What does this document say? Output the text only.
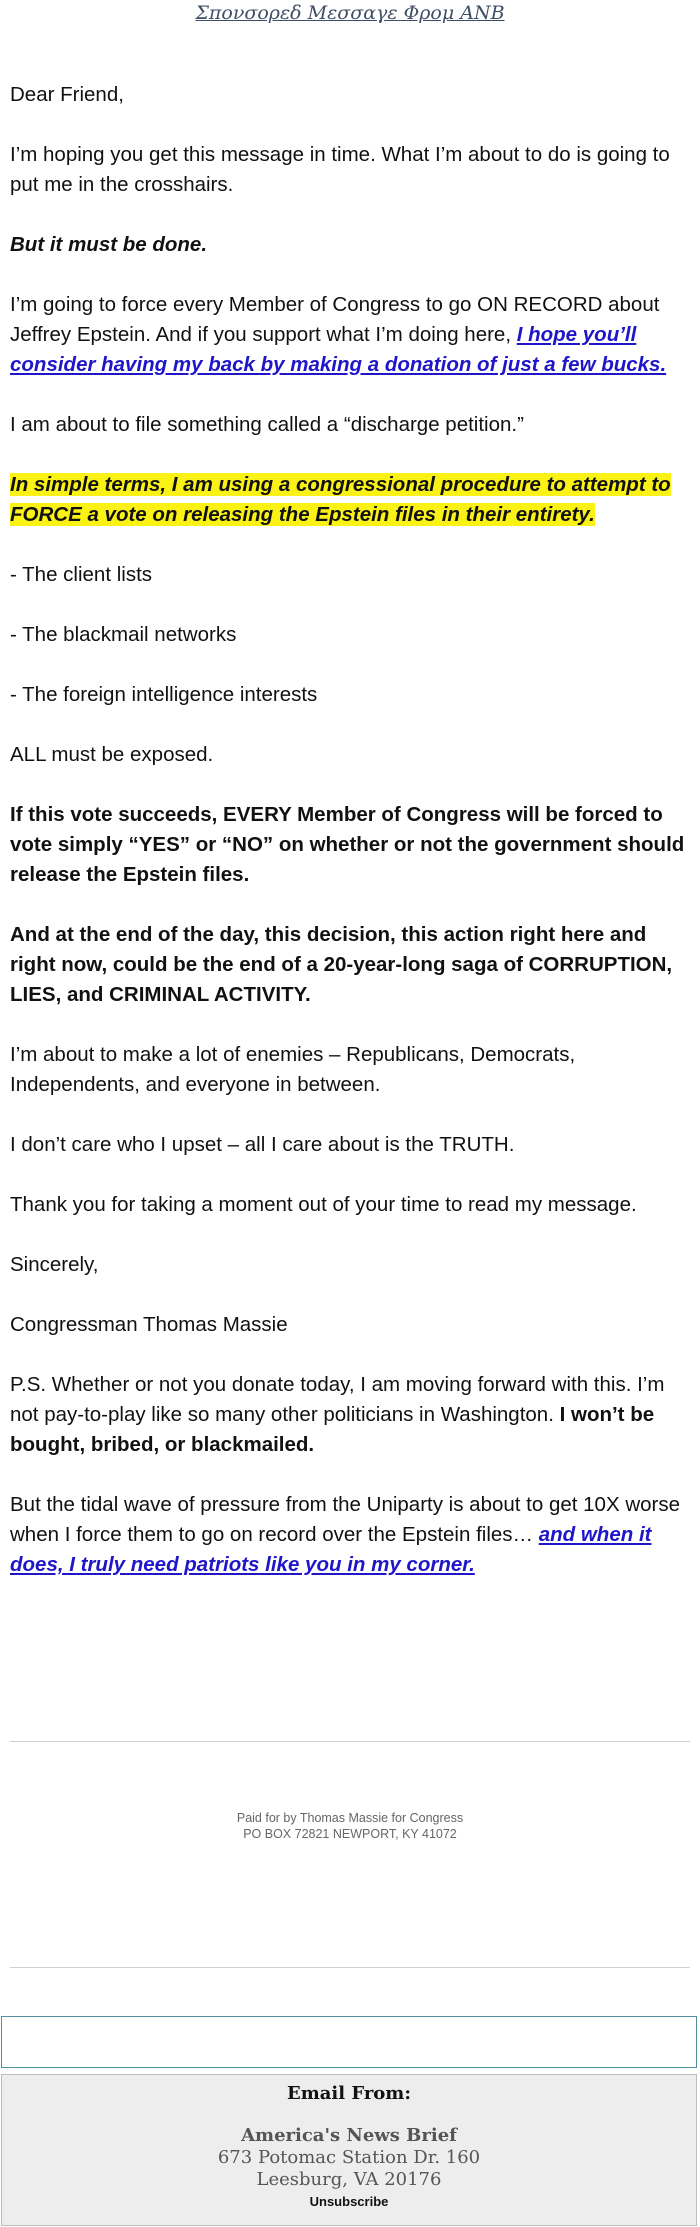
Σπονσορεδ Μεσσαγε Φρομ ΑΝΒ

Dear Friend,

I’m hoping you get this message in time. What I’m about to do is going to put me in the crosshairs.

But it must be done.

I’m going to force every Member of Congress to go ON RECORD about Jeffrey Epstein. And if you support what I’m doing here, I hope you’ll consider having my back by making a donation of just a few bucks.

I am about to file something called a “discharge petition.”

In simple terms, I am using a congressional procedure to attempt to FORCE a vote on releasing the Epstein files in their entirety.

- The client lists

- The blackmail networks

- The foreign intelligence interests

ALL must be exposed.

If this vote succeeds, EVERY Member of Congress will be forced to vote simply “YES” or “NO” on whether or not the government should release the Epstein files.

And at the end of the day, this decision, this action right here and right now, could be the end of a 20-year-long saga of CORRUPTION, LIES, and CRIMINAL ACTIVITY.

I’m about to make a lot of enemies – Republicans, Democrats, Independents, and everyone in between.

I don’t care who I upset – all I care about is the TRUTH.

Thank you for taking a moment out of your time to read my message.

Sincerely,

Congressman Thomas Massie

P.S. Whether or not you donate today, I am moving forward with this. I’m not pay-to-play like so many other politicians in Washington. I won’t be bought, bribed, or blackmailed.

But the tidal wave of pressure from the Uniparty is about to get 10X worse when I force them to go on record over the Epstein files… and when it does, I truly need patriots like you in my corner.

Paid for by Thomas Massie for Congress
PO BOX 72821 NEWPORT, KY 41072
Email From:
America's News Brief
673 Potomac Station Dr. 160
Leesburg, VA 20176
Unsubscribe
